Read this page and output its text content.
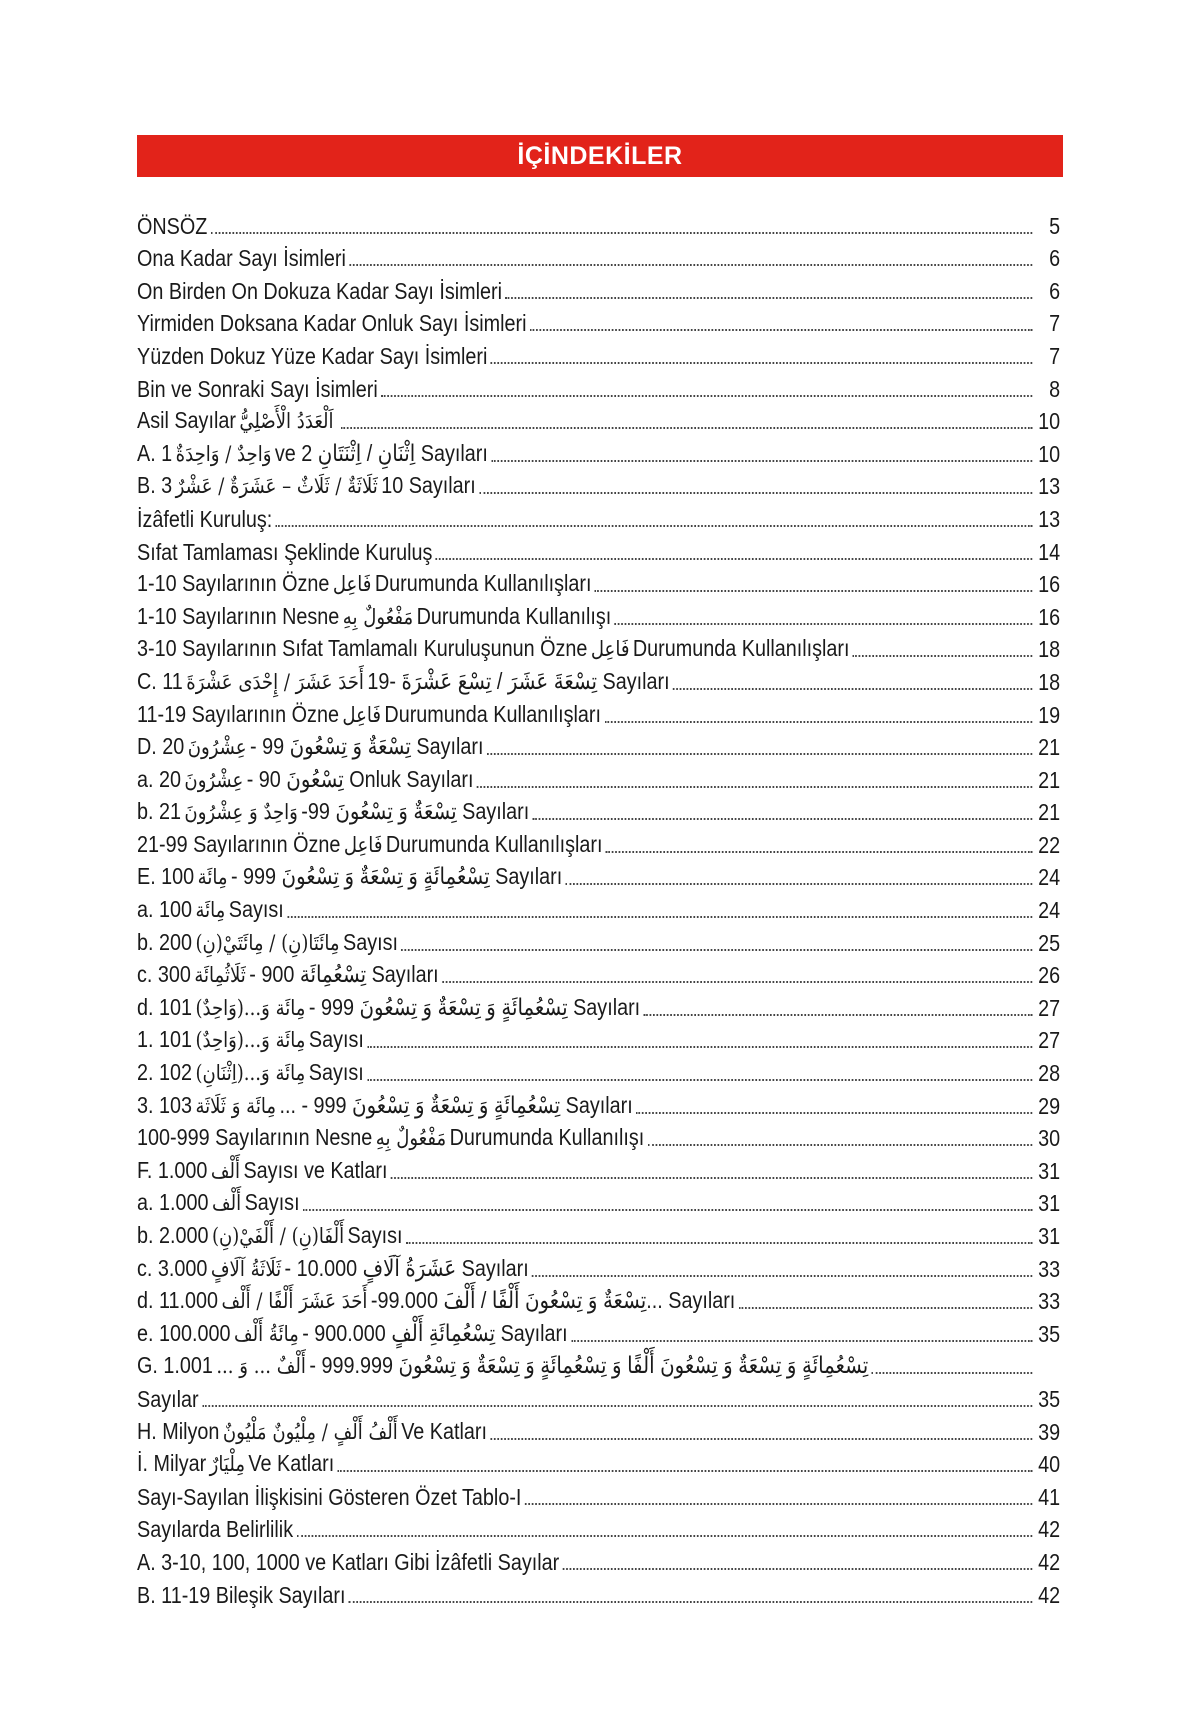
İÇİNDEKİLER
ÖNSÖZ	5
Ona Kadar Sayı İsimleri	6
On Birden On Dokuza Kadar Sayı İsimleri	6
Yirmiden Doksana Kadar Onluk Sayı İsimleri	7
Yüzden Dokuz Yüze Kadar Sayı İsimleri	7
Bin ve Sonraki Sayı İsimleri	8
Asil Sayılar اَلْعَدَدُ الْأَصْلِيُّ	10
A. 1 وَاحِدٌ / وَاحِدَةٌ ve 2 اِثْنَانِ / اِثْنَتَانِ Sayıları	10
B. 3 ثَلَاثَةٌ / ثَلَاثٌ – عَشَرَةٌ / عَشْرٌ 10 Sayıları	13
İzâfetli Kuruluş:	13
Sıfat Tamlaması Şeklinde Kuruluş	14
1-10 Sayılarının Özne فَاعِل Durumunda Kullanılışları	16
1-10 Sayılarının Nesne مَفْعُولٌ بِهِ Durumunda Kullanılışı	16
3-10 Sayılarının Sıfat Tamlamalı Kuruluşunun Özne فَاعِل Durumunda Kullanılışları	18
C. 11 أَحَدَ عَشَرَ / إِحْدَى عَشْرَةَ 19- تِسْعَةَ عَشَرَ / تِسْعَ عَشْرَةَ Sayıları	18
11-19 Sayılarının Özne فَاعِل Durumunda Kullanılışları	19
D. 20 عِشْرُونَ - 99 تِسْعَةٌ وَ تِسْعُونَ Sayıları	21
a. 20 عِشْرُونَ - 90 تِسْعُونَ Onluk Sayıları	21
b. 21 وَاحِدٌ وَ عِشْرُونَ -99 تِسْعَةٌ وَ تِسْعُونَ Sayıları	21
21-99 Sayılarının Özne فَاعِل Durumunda Kullanılışları	22
E. 100 مِائَة - 999 تِسْعُمِائَةٍ وَ تِسْعَةٌ وَ تِسْعُونَ Sayıları	24
a. 100 مِائَة Sayısı	24
b. 200 مِائَتَا(نِ) / مِائَتَيْ(نِ) Sayısı	25
c. 300 ثَلَاثُمِائَة - 900 تِسْعُمِائَة Sayıları	26
d. 101 مِائَة وَ...(وَاحِدٌ) - 999 تِسْعُمِائَةٍ وَ تِسْعَةٌ وَ تِسْعُونَ Sayıları	27
1. 101 مِائَة وَ...(وَاحِدٌ) Sayısı	27
2. 102 مِائَة وَ...(اِثْنَانِ) Sayısı	28
3. 103 مِائَة وَ ثَلَاثَة ... - 999 تِسْعُمِائَةٍ وَ تِسْعَةٌ وَ تِسْعُونَ Sayıları	29
100-999 Sayılarının Nesne مَفْعُولٌ بِهِ Durumunda Kullanılışı	30
F. 1.000 أَلْف Sayısı ve Katları	31
a. 1.000 أَلْف Sayısı	31
b. 2.000 أَلْفَا(نِ) / أَلْفَيْ(نِ) Sayısı	31
c. 3.000 ثَلَاثَةُ آلَافٍ - 10.000 عَشَرَةُ آلَافٍ Sayıları	33
d. 11.000 أَحَدَ عَشَرَ أَلْفًا / أَلْف -99.000 تِسْعَةٌ وَ تِسْعُونَ أَلْفًا / أَلْفَ... Sayıları	33
e. 100.000 مِائَةُ أَلْف - 900.000 تِسْعُمِائَةِ أَلْفٍ Sayıları	35
G. 1.001 أَلْفٌ ... وَ ... - 999.999 تِسْعُمِائَةٍ وَ تِسْعَةٌ وَ تِسْعُونَ أَلْفًا وَ تِسْعُمِائَةٍ وَ تِسْعَةٌ وَ تِسْعُونَ
Sayılar	35
H. Milyon أَلْفُ أَلْفٍ / مِلْيُونٌ مَلْيُونٌ Ve Katları	39
İ. Milyar مِلْيَارٌ Ve Katları	40
Sayı-Sayılan İlişkisini Gösteren Özet Tablo-I	41
Sayılarda Belirlilik	42
A. 3-10, 100, 1000 ve Katları Gibi İzâfetli Sayılar	42
B. 11-19 Bileşik Sayıları	42
